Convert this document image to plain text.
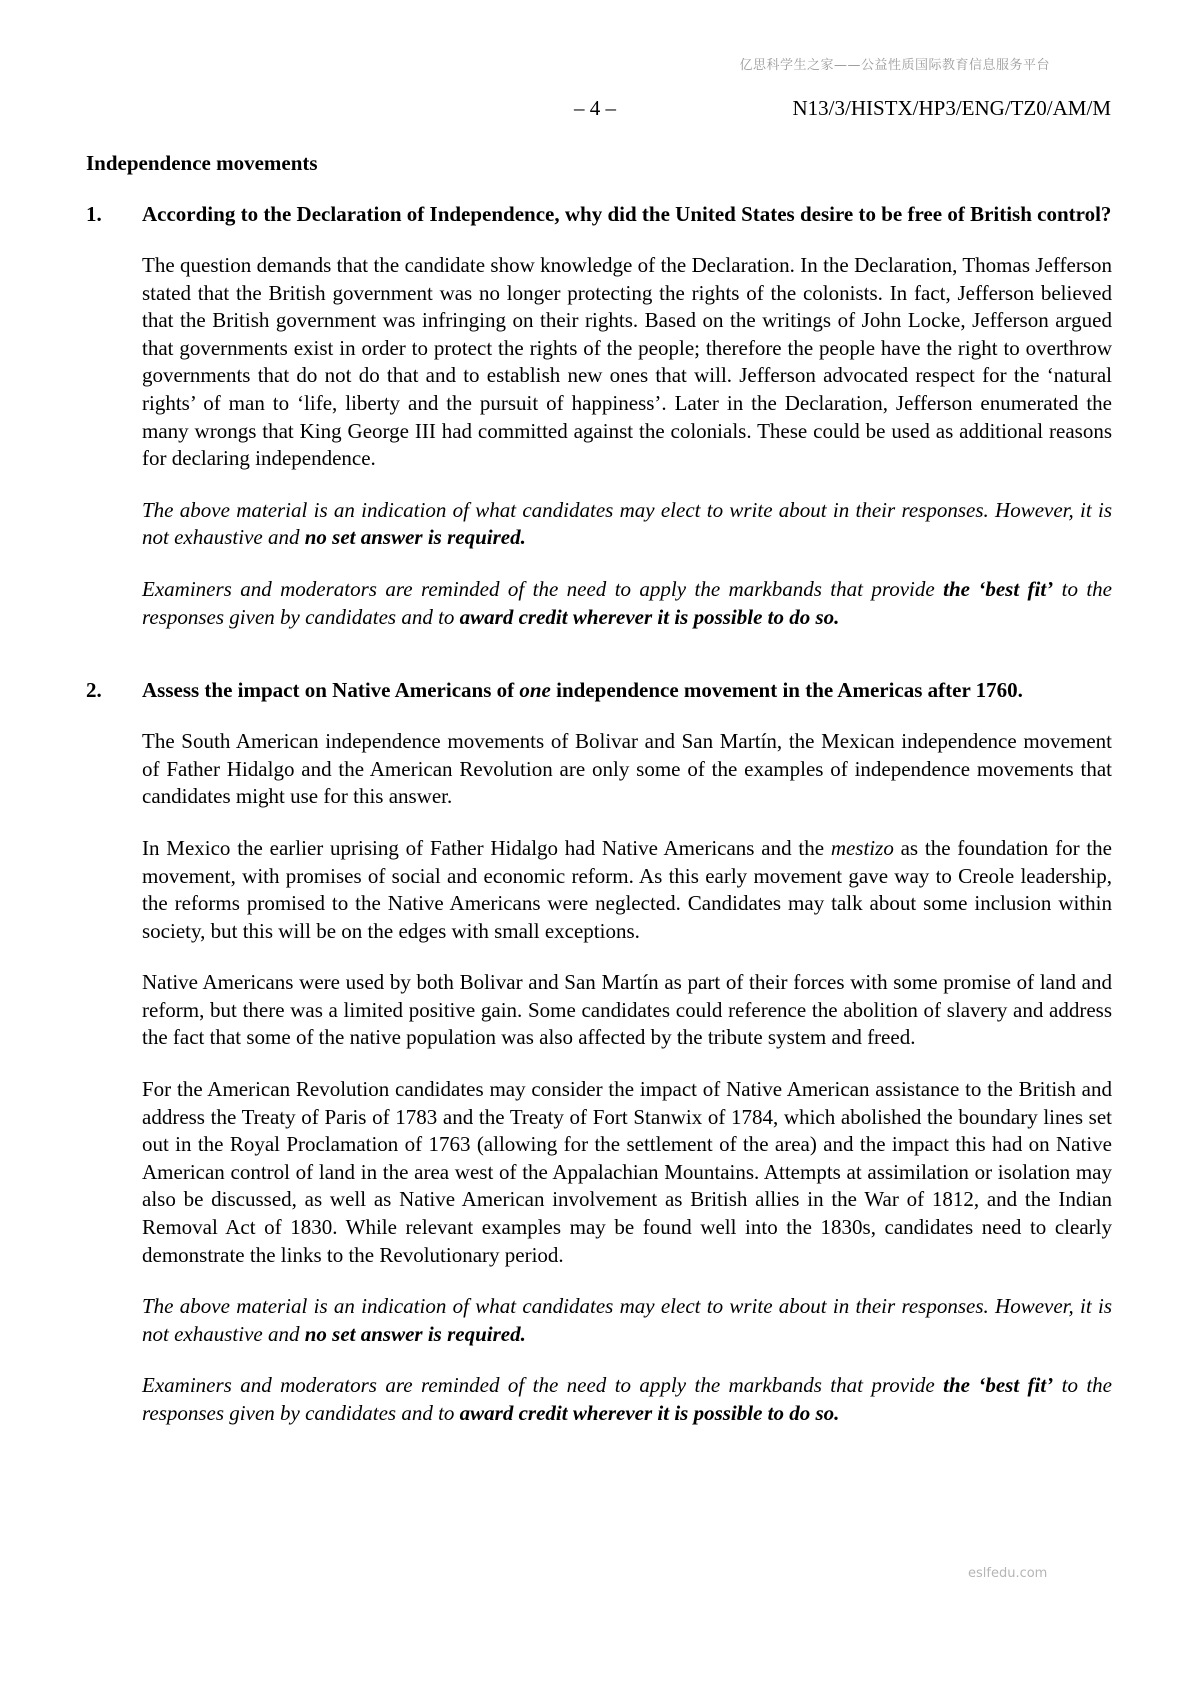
亿思科学生之家——公益性质国际教育信息服务平台
– 4 –	N13/3/HISTX/HP3/ENG/TZ0/AM/M
Independence movements
1. According to the Declaration of Independence, why did the United States desire to be free of British control?

The question demands that the candidate show knowledge of the Declaration. In the Declaration, Thomas Jefferson stated that the British government was no longer protecting the rights of the colonists. In fact, Jefferson believed that the British government was infringing on their rights. Based on the writings of John Locke, Jefferson argued that governments exist in order to protect the rights of the people; therefore the people have the right to overthrow governments that do not do that and to establish new ones that will. Jefferson advocated respect for the ‘natural rights’ of man to ‘life, liberty and the pursuit of happiness’. Later in the Declaration, Jefferson enumerated the many wrongs that King George III had committed against the colonials. These could be used as additional reasons for declaring independence.

The above material is an indication of what candidates may elect to write about in their responses. However, it is not exhaustive and no set answer is required.

Examiners and moderators are reminded of the need to apply the markbands that provide the ‘best fit’ to the responses given by candidates and to award credit wherever it is possible to do so.

2. Assess the impact on Native Americans of one independence movement in the Americas after 1760.

The South American independence movements of Bolivar and San Martín, the Mexican independence movement of Father Hidalgo and the American Revolution are only some of the examples of independence movements that candidates might use for this answer.

In Mexico the earlier uprising of Father Hidalgo had Native Americans and the mestizo as the foundation for the movement, with promises of social and economic reform. As this early movement gave way to Creole leadership, the reforms promised to the Native Americans were neglected. Candidates may talk about some inclusion within society, but this will be on the edges with small exceptions.

Native Americans were used by both Bolivar and San Martín as part of their forces with some promise of land and reform, but there was a limited positive gain. Some candidates could reference the abolition of slavery and address the fact that some of the native population was also affected by the tribute system and freed.

For the American Revolution candidates may consider the impact of Native American assistance to the British and address the Treaty of Paris of 1783 and the Treaty of Fort Stanwix of 1784, which abolished the boundary lines set out in the Royal Proclamation of 1763 (allowing for the settlement of the area) and the impact this had on Native American control of land in the area west of the Appalachian Mountains. Attempts at assimilation or isolation may also be discussed, as well as Native American involvement as British allies in the War of 1812, and the Indian Removal Act of 1830. While relevant examples may be found well into the 1830s, candidates need to clearly demonstrate the links to the Revolutionary period.

The above material is an indication of what candidates may elect to write about in their responses. However, it is not exhaustive and no set answer is required.

Examiners and moderators are reminded of the need to apply the markbands that provide the ‘best fit’ to the responses given by candidates and to award credit wherever it is possible to do so.

eslfedu.com
